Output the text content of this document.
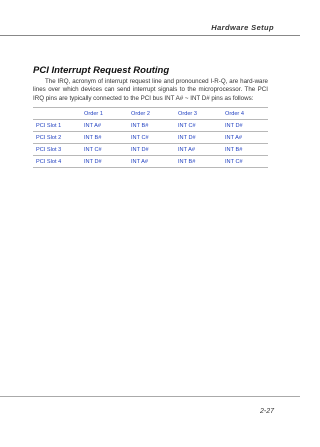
Hardware Setup
PCI Interrupt Request Routing

The IRQ, acronym of interrupt request line and pronounced I-R-Q, are hard-ware lines over which devices can send interrupt signals to the microprocessor. The PCI IRQ pins are typically connected to the PCI bus INT A# ~ INT D# pins as follows:

	Order 1	Order 2	Order 3	Order 4
PCI Slot 1	INT A#	INT B#	INT C#	INT D#
PCI Slot 2	INT B#	INT C#	INT D#	INT A#
PCI Slot 3	INT C#	INT D#	INT A#	INT B#
PCI Slot 4	INT D#	INT A#	INT B#	INT C#
2-27
